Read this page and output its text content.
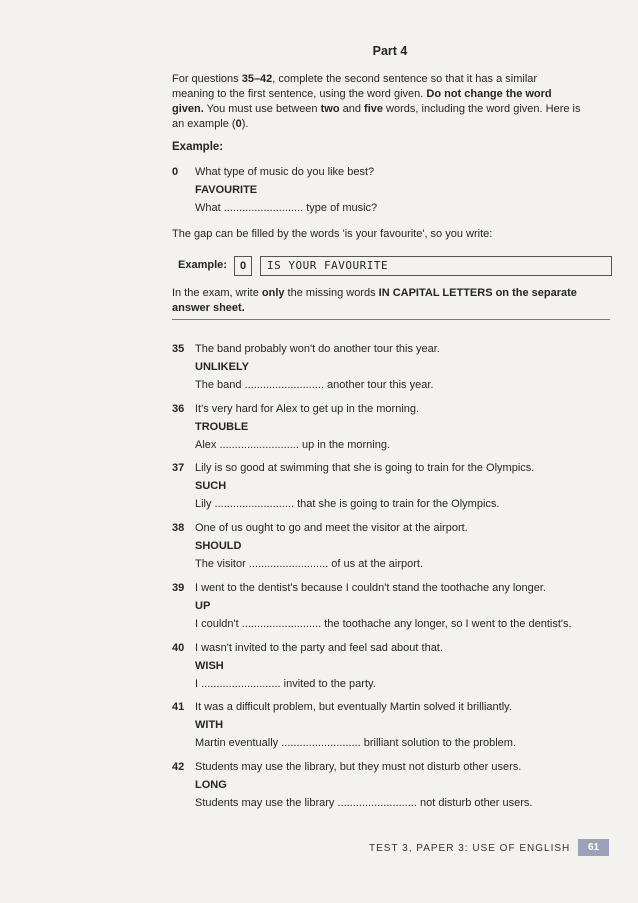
Part 4
For questions 35–42, complete the second sentence so that it has a similar meaning to the first sentence, using the word given. Do not change the word given. You must use between two and five words, including the word given. Here is an example (0).
Example:
0 What type of music do you like best?
FAVOURITE
What .......................... type of music?
The gap can be filled by the words 'is your favourite', so you write:
Example:	0	IS YOUR FAVOURITE
In the exam, write only the missing words IN CAPITAL LETTERS on the separate answer sheet.
35 The band probably won't do another tour this year.
UNLIKELY
The band .......................... another tour this year.
36 It's very hard for Alex to get up in the morning.
TROUBLE
Alex .......................... up in the morning.
37 Lily is so good at swimming that she is going to train for the Olympics.
SUCH
Lily .......................... that she is going to train for the Olympics.
38 One of us ought to go and meet the visitor at the airport.
SHOULD
The visitor .......................... of us at the airport.
39 I went to the dentist's because I couldn't stand the toothache any longer.
UP
I couldn't .......................... the toothache any longer, so I went to the dentist's.
40 I wasn't invited to the party and feel sad about that.
WISH
I .......................... invited to the party.
41 It was a difficult problem, but eventually Martin solved it brilliantly.
WITH
Martin eventually .......................... brilliant solution to the problem.
42 Students may use the library, but they must not disturb other users.
LONG
Students may use the library .......................... not disturb other users.
TEST 3, PAPER 3: USE OF ENGLISH	61
